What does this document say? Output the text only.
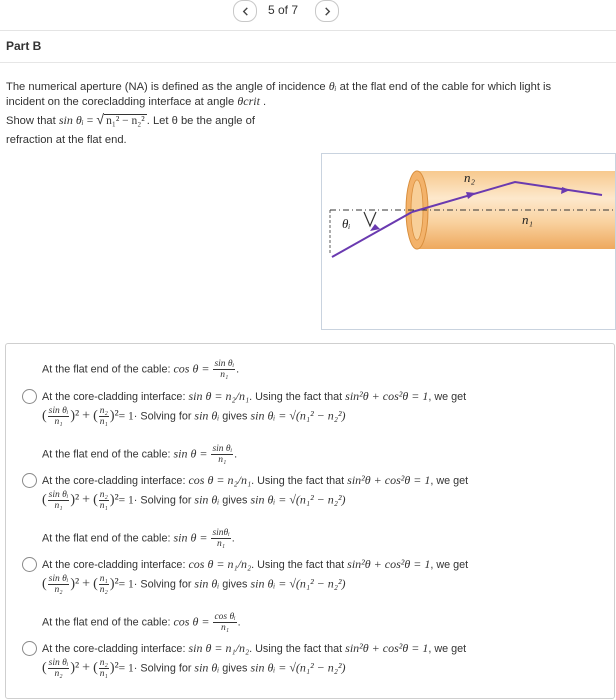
5 of 7
Part B
The numerical aperture (NA) is defined as the angle of incidence θᵢ at the flat end of the cable for which light is
incident on the corecladding interface at angle θcrit .
Show that sin θᵢ = √ n₁² − n₂² . Let θ be the angle of
refraction at the flat end.
θᵢ
n₂
n₁
At the flat end of the cable: $\cos \theta = \frac{\text{sin θᵢ}}{\text{n₁}}$ .
At the core-cladding interface: sin θ = n₂/n₁. Using the fact that sin²θ + cos²θ = 1, we get
( $\frac{\text{sin θᵢ}}{\text{n₁}} )^2$ + ( $\frac{\text{n₂}}{\text{n₁}} )^2= 1\cdot$ Solving for sin θᵢ gives sin θᵢ = √(n₁² − n₂²)
At the flat end of the cable: $\sin \theta = \frac{\text{sin θᵢ}}{\text{n₁}}$ .
At the core-cladding interface: cos θ = n₂/n₁. Using the fact that sin²θ + cos²θ = 1, we get
( $\frac{\text{sin θᵢ}}{\text{n₁}} )^2$ + ( $\frac{\text{n₂}}{\text{n₁}} )^2= 1\cdot$ Solving for sin θᵢ gives sin θᵢ = √(n₁² − n₂²)
At the flat end of the cable: $\sin \theta = \frac{\text{sinθᵢ}}{\text{n₁}}$ .
At the core-cladding interface: cos θ = n₁/n₂. Using the fact that sin²θ + cos²θ = 1, we get
( $\frac{\text{sin θᵢ}}{\text{n₂}} )^2$ + ( $\frac{\text{n₁}}{\text{n₂}} )^2= 1\cdot$ Solving for sin θᵢ gives sin θᵢ = √(n₁² − n₂²)
At the flat end of the cable: $\cos \theta = \frac{\text{cos θᵢ}}{\text{n₁}}$ .
At the core-cladding interface: sin θ = n₁/n₂. Using the fact that sin²θ + cos²θ = 1, we get
( $\frac{\text{sin θᵢ}}{\text{n₂}} )^2$ + ( $\frac{\text{n₂}}{\text{n₁}} )^2= 1\cdot$ Solving for sin θᵢ gives sin θᵢ = √(n₁² − n₂²)
